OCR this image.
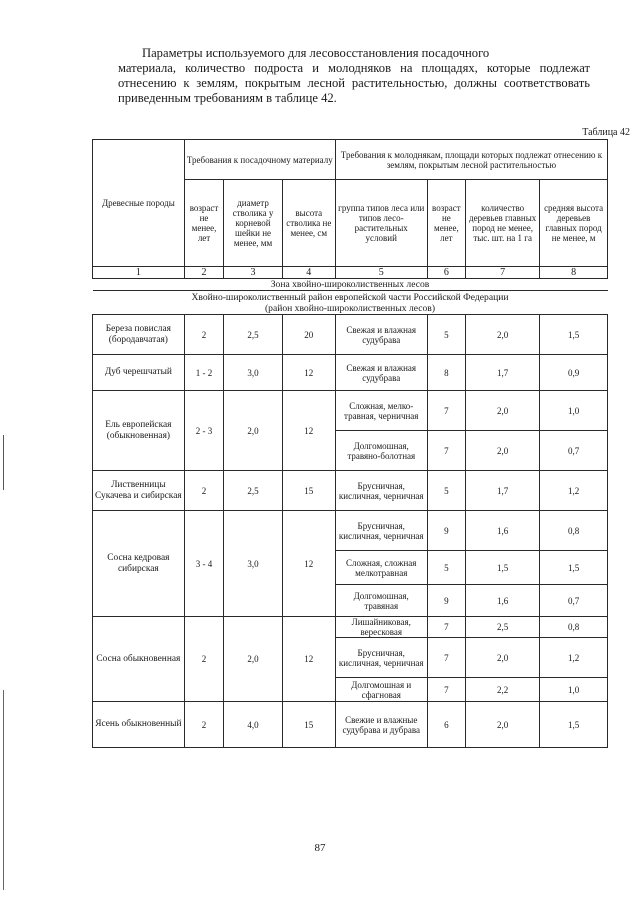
Параметры используемого для лесовосстановления посадочного
материала, количество подроста и молодняков на площадях, которые подлежат отнесению к землям, покрытым лесной растительностью, должны соответствовать приведенным требованиям в таблице 42.
Таблица 42
Древесные породы	Требования к посадочному материалу			Требования к молоднякам, площади которых подлежат отнесению к землям, покрытым лесной растительностью			
	возраст не менее, лет	диаметр стволика у корневой шейки не менее, мм	высота стволика не менее, см	группа типов леса или типов лесо-растительных условий	возраст не менее, лет	количество деревьев главных пород не менее, тыс. шт. на 1 га	средняя высота деревьев главных пород не менее, м
1	2	3	4	5	6	7	8
Зона хвойно-широколиственных лесов							

Хвойно-широколиственный район европейской части Российской Федерации
(район хвойно-широколиственных лесов)							

Береза повислая (бородавчатая)	2	2,5	20	Свежая и влажная судубрава	5	2,0	1,5
Дуб черешчатый	1 - 2	3,0	12	Свежая и влажная судубрава	8	1,7	0,9
Ель европейская (обыкновенная)	2 - 3	2,0	12	Сложная, мелко-травная, черничная	7	2,0	1,0
				Долгомошная, травяно-болотная	7	2,0	0,7
Лиственницы Сукачева и сибирская	2	2,5	15	Брусничная, кисличная, черничная	5	1,7	1,2
Сосна кедровая сибирская	3 - 4	3,0	12	Брусничная, кисличная, черничная	9	1,6	0,8
				Сложная, сложная мелкотравная	5	1,5	1,5
				Долгомошная, травяная	9	1,6	0,7
Сосна обыкновенная	2	2,0	12	Лишайниковая, вересковая	7	2,5	0,8
				Брусничная, кисличная, черничная	7	2,0	1,2
				Долгомошная и сфагновая	7	2,2	1,0
Ясень обыкновенный	2	4,0	15	Свежие и влажные судубрава и дубрава	6	2,0	1,5
87
